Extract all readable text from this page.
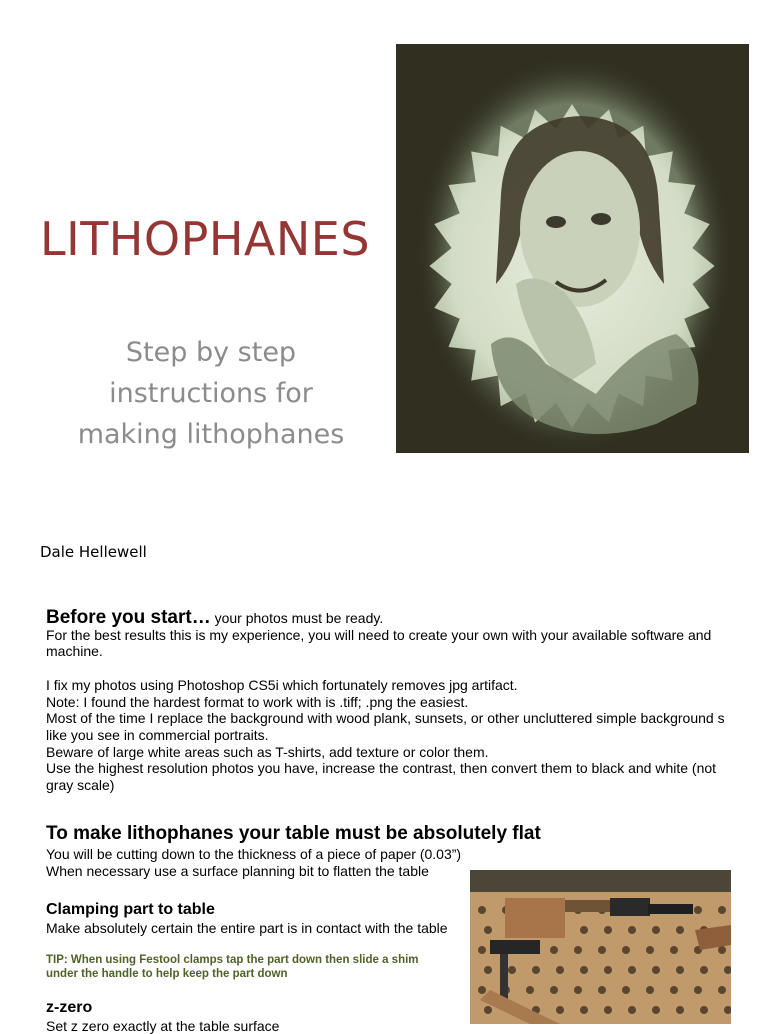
LITHOPHANES
Step by step
instructions for
making lithophanes
Dale Hellewell
Before you start… your photos must be ready.
For the best results this is my experience, you will need to create your own with your available software and
machine.
I fix my photos using Photoshop CS5i which fortunately removes jpg artifact.
Note: I found the hardest format to work with is .tiff; .png the easiest.
Most of the time I replace the background with wood plank, sunsets, or other uncluttered simple background s
like you see in commercial portraits.
Beware of large white areas such as T-shirts, add texture or color them.
Use the highest resolution photos you have, increase the contrast, then convert them to black and white (not
gray scale)
To make lithophanes your table must be absolutely flat
You will be cutting down to the thickness of a piece of paper (0.03”)
When necessary use a surface planning bit to flatten the table
Clamping part to table
Make absolutely certain the entire part is in contact with the table
TIP: When using Festool clamps tap the part down then slide a shim
under the handle to help keep the part down
z-zero
Set z zero exactly at the table surface
